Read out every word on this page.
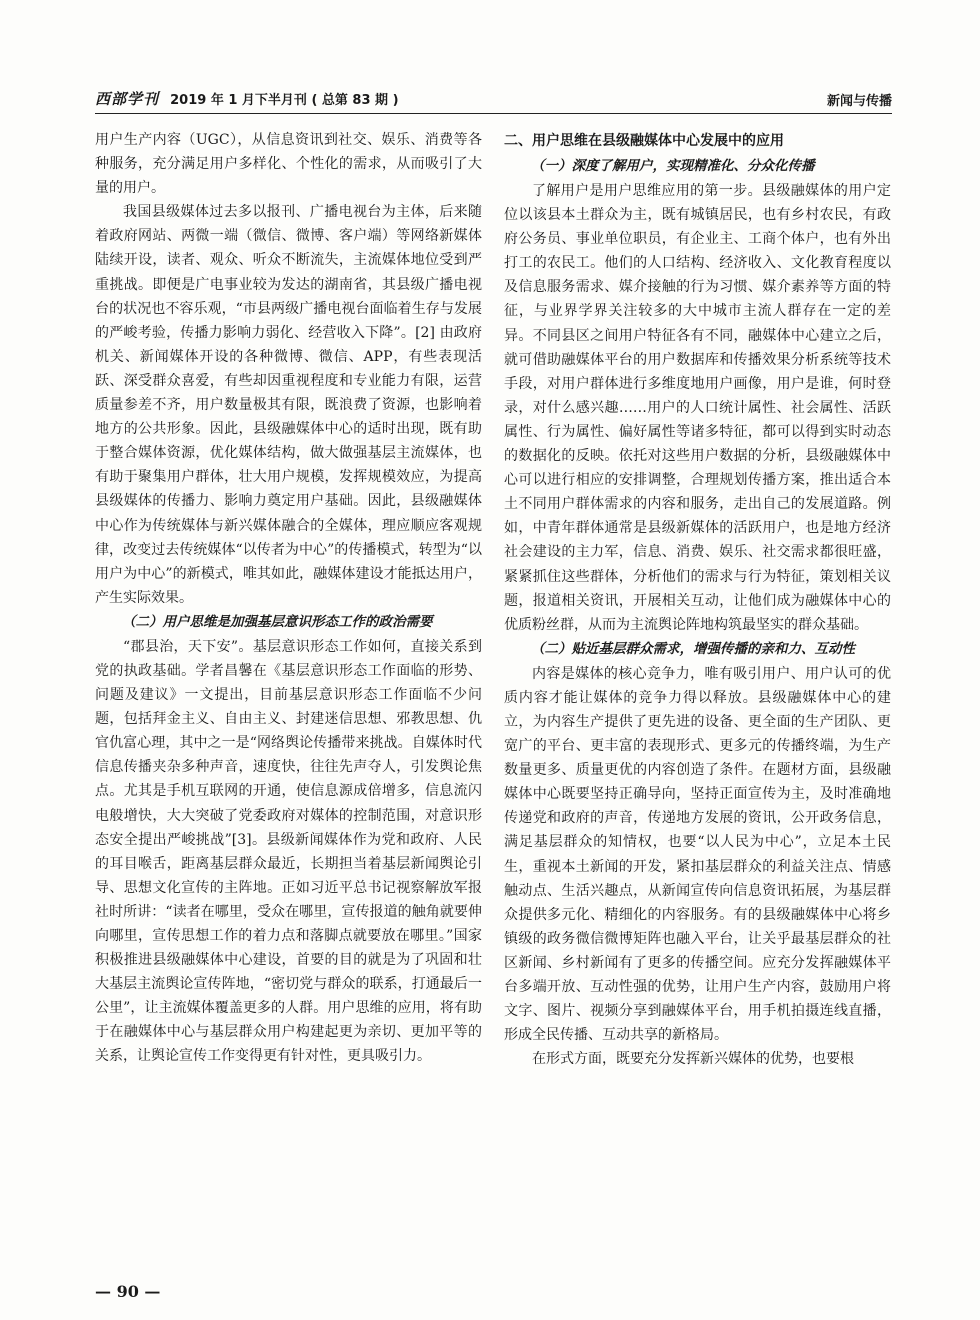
西部学刊 2019 年 1 月下半月刊 ( 总第 83 期 )	新闻与传播

用户生产内容（UGC），从信息资讯到社交、娱乐、消费等各种服务，充分满足用户多样化、个性化的需求，从而吸引了大量的用户。

我国县级媒体过去多以报刊、广播电视台为主体，后来随着政府网站、两微一端（微信、微博、客户端）等网络新媒体陆续开设，读者、观众、听众不断流失，主流媒体地位受到严重挑战。即便是广电事业较为发达的湖南省，其县级广播电视台的状况也不容乐观，“市县两级广播电视台面临着生存与发展的严峻考验，传播力影响力弱化、经营收入下降”。[2] 由政府机关、新闻媒体开设的各种微博、微信、APP，有些表现活跃、深受群众喜爱，有些却因重视程度和专业能力有限，运营质量参差不齐，用户数量极其有限，既浪费了资源，也影响着地方的公共形象。因此，县级融媒体中心的适时出现，既有助于整合媒体资源，优化媒体结构，做大做强基层主流媒体，也有助于聚集用户群体，壮大用户规模，发挥规模效应，为提高县级媒体的传播力、影响力奠定用户基础。因此，县级融媒体中心作为传统媒体与新兴媒体融合的全媒体，理应顺应客观规律，改变过去传统媒体“以传者为中心”的传播模式，转型为“以用户为中心”的新模式，唯其如此，融媒体建设才能抵达用户，产生实际效果。

（二）用户思维是加强基层意识形态工作的政治需要

“郡县治，天下安”。基层意识形态工作如何，直接关系到党的执政基础。学者昌馨在《基层意识形态工作面临的形势、问题及建议》一文提出，目前基层意识形态工作面临不少问题，包括拜金主义、自由主义、封建迷信思想、邪教思想、仇官仇富心理，其中之一是“网络舆论传播带来挑战。自媒体时代信息传播夹杂多种声音，速度快，往往先声夺人，引发舆论焦点。尤其是手机互联网的开通，使信息源成倍增多，信息流闪电般增快，大大突破了党委政府对媒体的控制范围，对意识形态安全提出严峻挑战”[3]。县级新闻媒体作为党和政府、人民的耳目喉舌，距离基层群众最近，长期担当着基层新闻舆论引导、思想文化宣传的主阵地。正如习近平总书记视察解放军报社时所讲：“读者在哪里，受众在哪里，宣传报道的触角就要伸向哪里，宣传思想工作的着力点和落脚点就要放在哪里。”国家积极推进县级融媒体中心建设，首要的目的就是为了巩固和壮大基层主流舆论宣传阵地，“密切党与群众的联系，打通最后一公里”，让主流媒体覆盖更多的人群。用户思维的应用，将有助于在融媒体中心与基层群众用户构建起更为亲切、更加平等的关系，让舆论宣传工作变得更有针对性，更具吸引力。

二、用户思维在县级融媒体中心发展中的应用
（一）深度了解用户，实现精准化、分众化传播

了解用户是用户思维应用的第一步。县级融媒体的用户定位以该县本土群众为主，既有城镇居民，也有乡村农民，有政府公务员、事业单位职员，有企业主、工商个体户，也有外出打工的农民工。他们的人口结构、经济收入、文化教育程度以及信息服务需求、媒介接触的行为习惯、媒介素养等方面的特征，与业界学界关注较多的大中城市主流人群存在一定的差异。不同县区之间用户特征各有不同，融媒体中心建立之后，就可借助融媒体平台的用户数据库和传播效果分析系统等技术手段，对用户群体进行多维度地用户画像，用户是谁，何时登录，对什么感兴趣……用户的人口统计属性、社会属性、活跃属性、行为属性、偏好属性等诸多特征，都可以得到实时动态的数据化的反映。依托对这些用户数据的分析，县级融媒体中心可以进行相应的安排调整，合理规划传播方案，推出适合本土不同用户群体需求的内容和服务，走出自己的发展道路。例如，中青年群体通常是县级新媒体的活跃用户，也是地方经济社会建设的主力军，信息、消费、娱乐、社交需求都很旺盛，紧紧抓住这些群体，分析他们的需求与行为特征，策划相关议题，报道相关资讯，开展相关互动，让他们成为融媒体中心的优质粉丝群，从而为主流舆论阵地构筑最坚实的群众基础。

（二）贴近基层群众需求，增强传播的亲和力、互动性

内容是媒体的核心竞争力，唯有吸引用户、用户认可的优质内容才能让媒体的竞争力得以释放。县级融媒体中心的建立，为内容生产提供了更先进的设备、更全面的生产团队、更宽广的平台、更丰富的表现形式、更多元的传播终端，为生产数量更多、质量更优的内容创造了条件。在题材方面，县级融媒体中心既要坚持正确导向，坚持正面宣传为主，及时准确地传递党和政府的声音，传递地方发展的资讯，公开政务信息，满足基层群众的知情权，也要“以人民为中心”，立足本土民生，重视本土新闻的开发，紧扣基层群众的利益关注点、情感触动点、生活兴趣点，从新闻宣传向信息资讯拓展，为基层群众提供多元化、精细化的内容服务。有的县级融媒体中心将乡镇级的政务微信微博矩阵也融入平台，让关乎最基层群众的社区新闻、乡村新闻有了更多的传播空间。应充分发挥融媒体平台多端开放、互动性强的优势，让用户生产内容，鼓励用户将文字、图片、视频分享到融媒体平台，用手机拍摄连线直播，形成全民传播、互动共享的新格局。

在形式方面，既要充分发挥新兴媒体的优势，也要根

— 90 —
